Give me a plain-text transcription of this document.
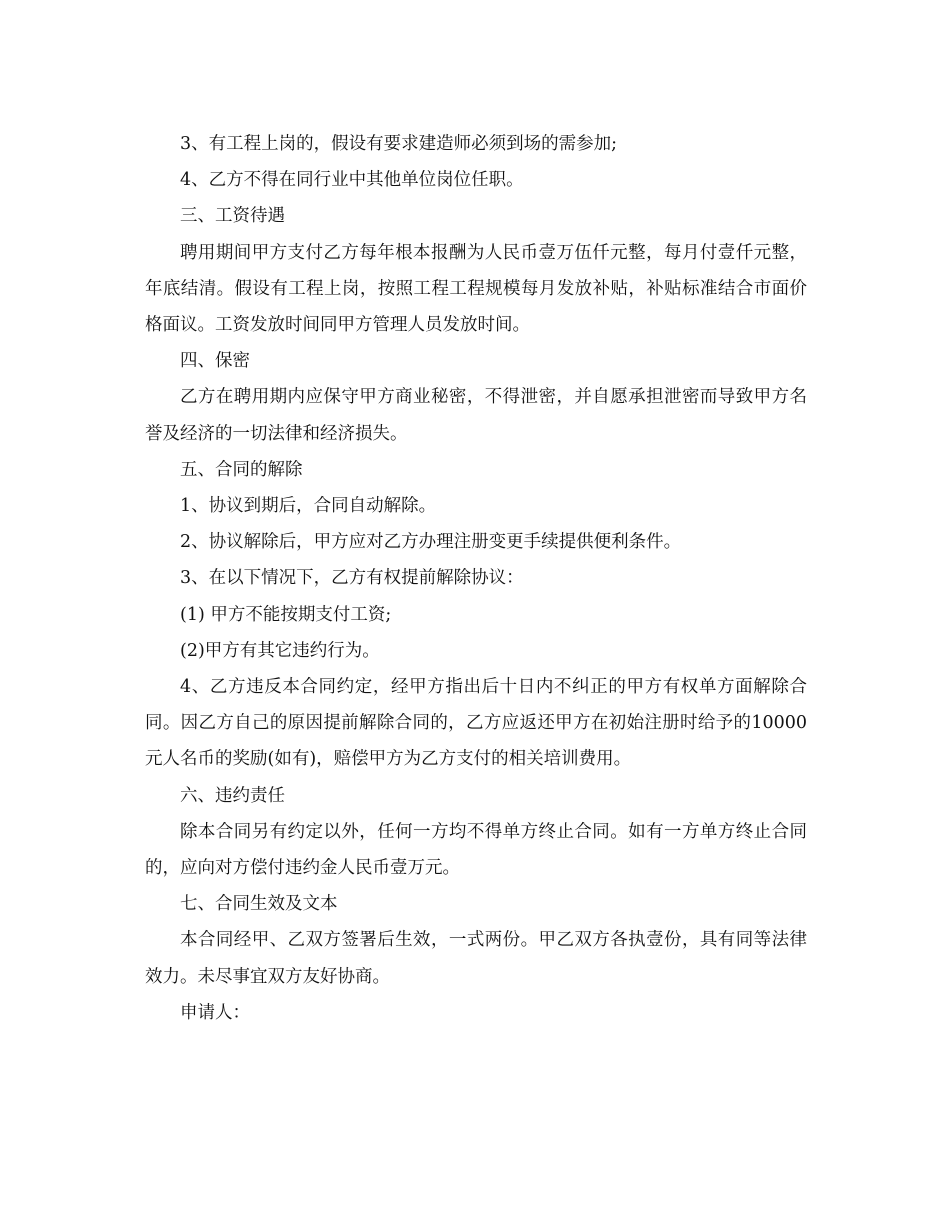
3、有工程上岗的，假设有要求建造师必须到场的需参加;

4、乙方不得在同行业中其他单位岗位任职。

三、工资待遇

聘用期间甲方支付乙方每年根本报酬为人民币壹万伍仟元整，每月付壹仟元整，年底结清。假设有工程上岗，按照工程工程规模每月发放补贴，补贴标准结合市面价格面议。工资发放时间同甲方管理人员发放时间。

四、保密

乙方在聘用期内应保守甲方商业秘密，不得泄密，并自愿承担泄密而导致甲方名誉及经济的一切法律和经济损失。

五、合同的解除

1、协议到期后，合同自动解除。

2、协议解除后，甲方应对乙方办理注册变更手续提供便利条件。

3、在以下情况下，乙方有权提前解除协议：

(1) 甲方不能按期支付工资;

(2)甲方有其它违约行为。

4、乙方违反本合同约定，经甲方指出后十日内不纠正的甲方有权单方面解除合同。因乙方自己的原因提前解除合同的，乙方应返还甲方在初始注册时给予的10000元人名币的奖励(如有)，赔偿甲方为乙方支付的相关培训费用。

六、违约责任

除本合同另有约定以外，任何一方均不得单方终止合同。如有一方单方终止合同的，应向对方偿付违约金人民币壹万元。

七、合同生效及文本

本合同经甲、乙双方签署后生效，一式两份。甲乙双方各执壹份，具有同等法律效力。未尽事宜双方友好协商。

申请人：
